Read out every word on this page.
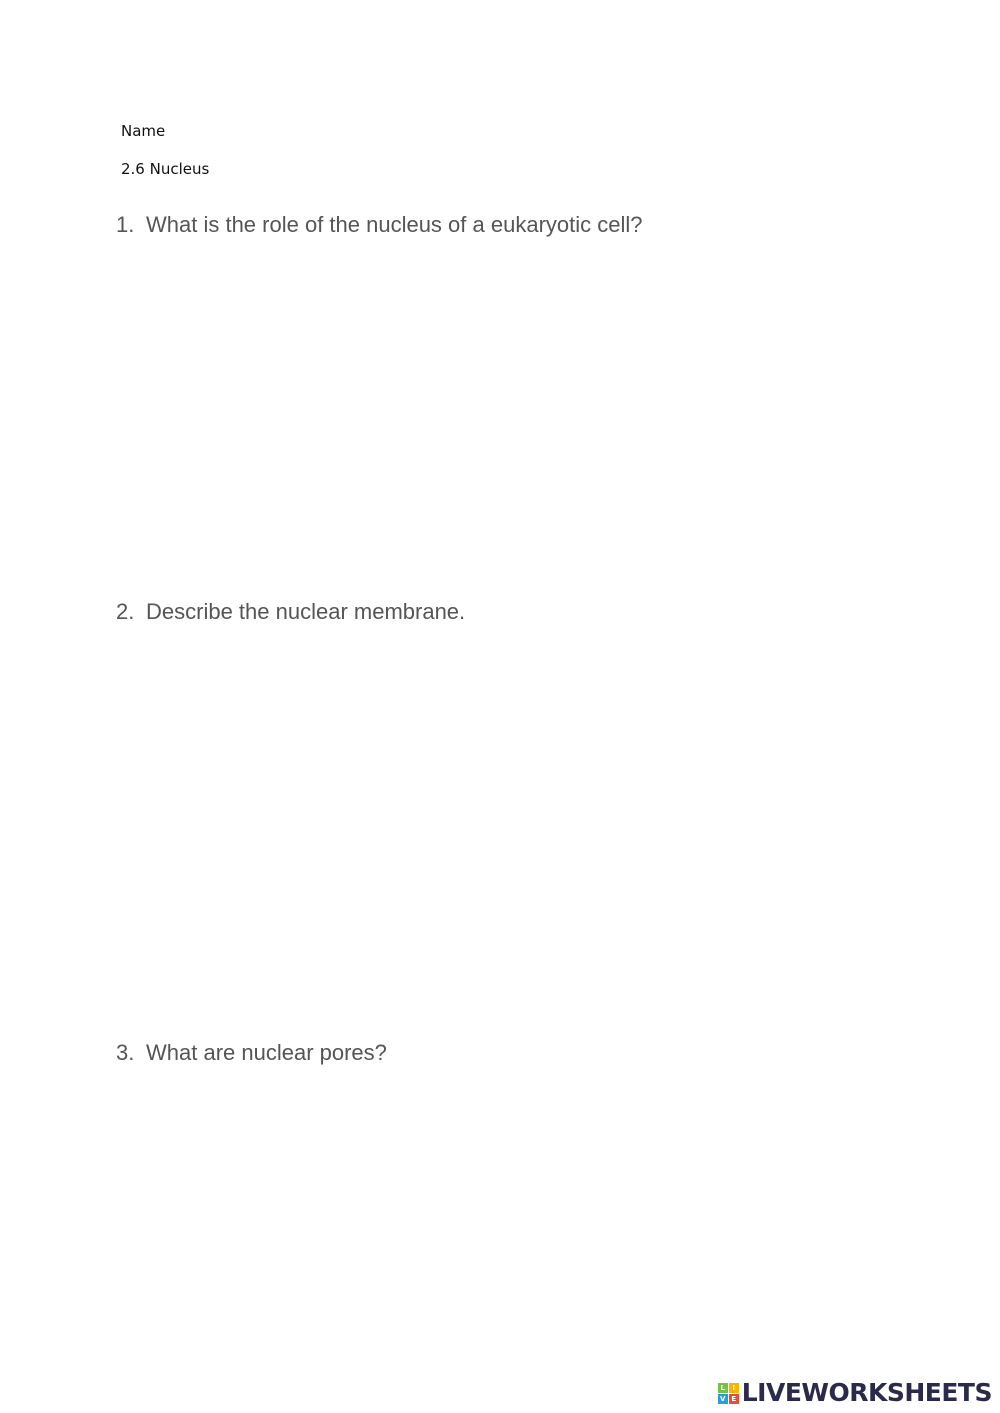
Name
2.6 Nucleus
1. What is the role of the nucleus of a eukaryotic cell?
2. Describe the nuclear membrane.
3. What are nuclear pores?
L	I
V E LIVEWORKSHEETS
